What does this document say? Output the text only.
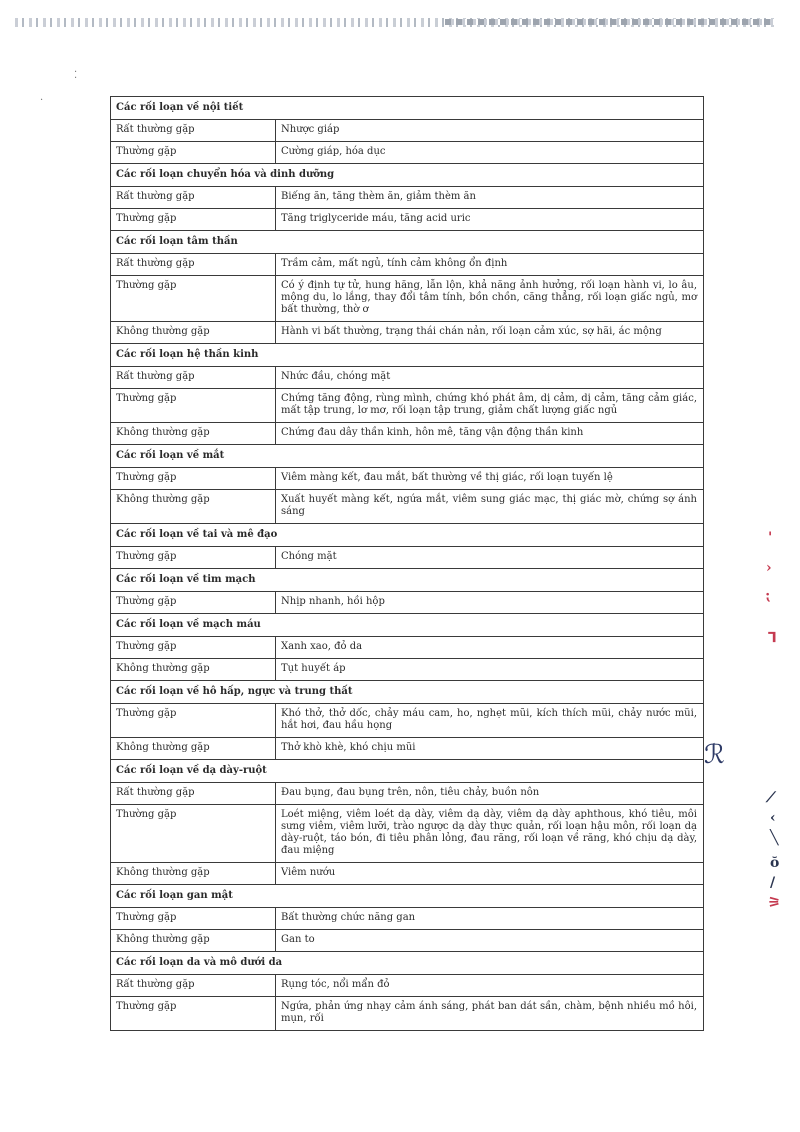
⁚
·
Các rối loạn về nội tiết	
Rất thường gặp	Nhược giáp
Thường gặp	Cường giáp, hóa dục
Các rối loạn chuyển hóa và dinh dưỡng	
Rất thường gặp	Biếng ăn, tăng thèm ăn, giảm thèm ăn
Thường gặp	Tăng triglyceride máu, tăng acid uric
Các rối loạn tâm thần	
Rất thường gặp	Trầm cảm, mất ngủ, tính cảm không ổn định
Thường gặp	Có ý định tự tử, hung hăng, lẫn lộn, khả năng ảnh hưởng, rối loạn hành vi, lo âu, mộng du, lo lắng, thay đổi tâm tính, bồn chồn, căng thẳng, rối loạn giấc ngủ, mơ bất thường, thờ ơ
Không thường gặp	Hành vi bất thường, trạng thái chán nản, rối loạn cảm xúc, sợ hãi, ác mộng
Các rối loạn hệ thần kinh	
Rất thường gặp	Nhức đầu, chóng mặt
Thường gặp	Chứng tăng động, rùng mình, chứng khó phát âm, dị cảm, dị cảm, tăng cảm giác, mất tập trung, lơ mơ, rối loạn tập trung, giảm chất lượng giấc ngủ
Không thường gặp	Chứng đau dây thần kinh, hôn mê, tăng vận động thần kinh
Các rối loạn về mắt	
Thường gặp	Viêm màng kết, đau mắt, bất thường về thị giác, rối loạn tuyến lệ
Không thường gặp	Xuất huyết màng kết, ngứa mắt, viêm sung giác mạc, thị giác mờ, chứng sợ ánh sáng
Các rối loạn về tai và mê đạo	
Thường gặp	Chóng mặt
Các rối loạn về tim mạch	
Thường gặp	Nhịp nhanh, hồi hộp
Các rối loạn về mạch máu	
Thường gặp	Xanh xao, đỏ da
Không thường gặp	Tụt huyết áp
Các rối loạn về hô hấp, ngực và trung thất	
Thường gặp	Khó thở, thở dốc, chảy máu cam, ho, nghẹt mũi, kích thích mũi, chảy nước mũi, hắt hơi, đau hầu họng
Không thường gặp	Thở khò khè, khó chịu mũi
Các rối loạn về dạ dày-ruột	
Rất thường gặp	Đau bụng, đau bụng trên, nôn, tiêu chảy, buồn nôn
Thường gặp	Loét miệng, viêm loét dạ dày, viêm dạ dày, viêm dạ dày aphthous, khó tiêu, môi sưng viêm, viêm lưỡi, trào ngược dạ dày thực quản, rối loạn hậu môn, rối loạn dạ dày-ruột, táo bón, đi tiêu phân lỏng, đau răng, rối loạn về răng, khó chịu dạ dày, đau miệng
Không thường gặp	Viêm nướu
Các rối loạn gan mật	
Thường gặp	Bất thường chức năng gan
Không thường gặp	Gan to
Các rối loạn da và mô dưới da	
Rất thường gặp	Rụng tóc, nổi mẩn đỏ
Thường gặp	Ngứa, phản ứng nhạy cảm ánh sáng, phát ban dát sần, chàm, bệnh nhiều mồ hôi, mụn, rối
ℛ
'
›
⁏
⅂
⟋
‹
╲
ŏ
/
⚞
